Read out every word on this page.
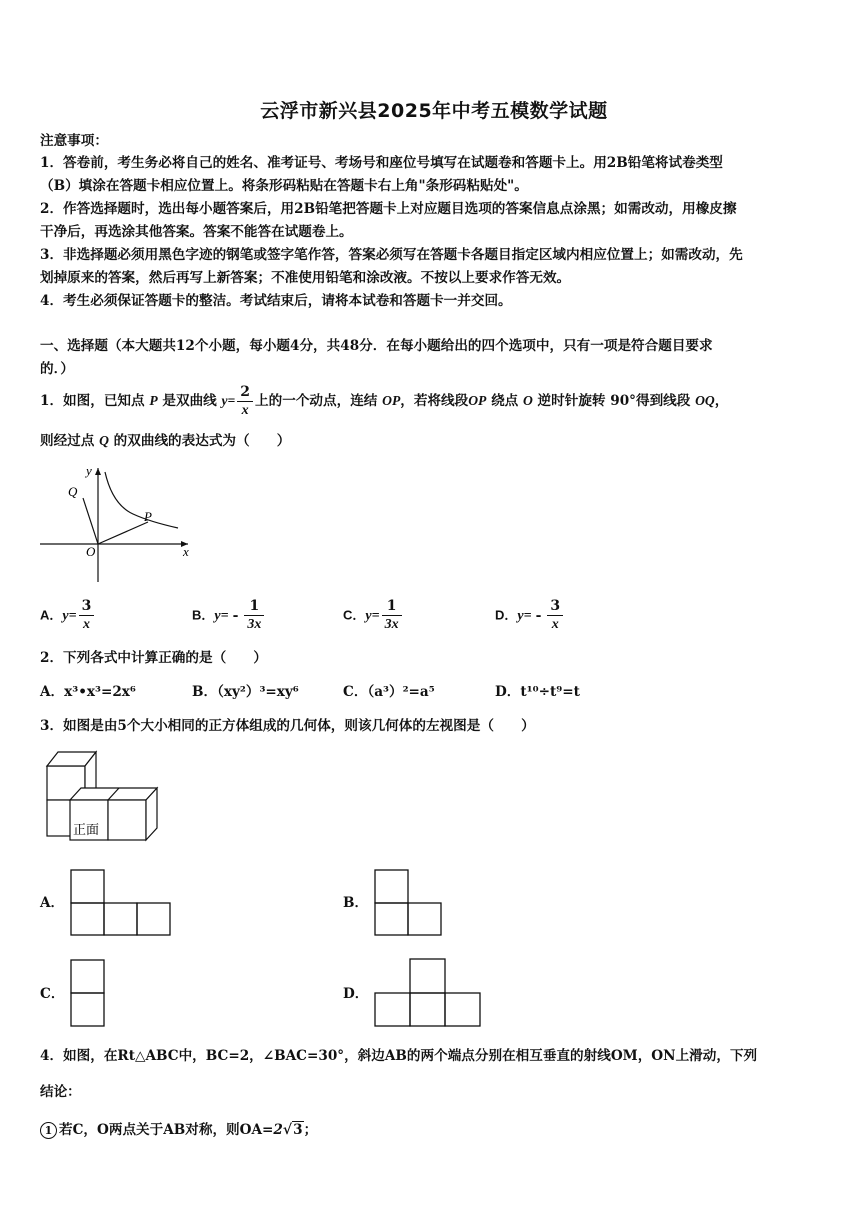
云浮市新兴县2025年中考五模数学试题
注意事项：
1．答卷前，考生务必将自己的姓名、准考证号、考场号和座位号填写在试题卷和答题卡上。用2B铅笔将试卷类型
（B）填涂在答题卡相应位置上。将条形码粘贴在答题卡右上角"条形码粘贴处"。
2．作答选择题时，选出每小题答案后，用2B铅笔把答题卡上对应题目选项的答案信息点涂黑；如需改动，用橡皮擦
干净后，再选涂其他答案。答案不能答在试题卷上。
3．非选择题必须用黑色字迹的钢笔或签字笔作答，答案必须写在答题卡各题目指定区域内相应位置上；如需改动，先
划掉原来的答案，然后再写上新答案；不准使用铅笔和涂改液。不按以上要求作答无效。
4．考生必须保证答题卡的整洁。考试结束后，请将本试卷和答题卡一并交回。
一、选择题（本大题共12个小题，每小题4分，共48分．在每小题给出的四个选项中，只有一项是符合题目要求
的．）
1．如图，已知点 P 是双曲线 $y= \frac{2}{x}$ 上的一个动点，连结 OP，若将线段OP 绕点 O 逆时针旋转 90°得到线段 OQ，
则经过点 Q 的双曲线的表达式为（　　）
y
x
O
P
Q
A．$y= \frac{3}{x}$	B．$y= - \frac{1}{3x}$	C．$y= \frac{1}{3x}$	D．$y= - \frac{3}{x}$
2．下列各式中计算正确的是（　　）
A．x³•x³=2x⁶	B．（xy²）³=xy⁶	C．（a³）²=a⁵	D．t¹⁰÷t⁹=t
3．如图是由5个大小相同的正方体组成的几何体，则该几何体的左视图是（　　）
正面
A．	B．
C．	D．
4．如图，在Rt△ABC中，BC=2，∠BAC=30°，斜边AB的两个端点分别在相互垂直的射线OM，ON上滑动，下列
结论：
1 若C，O两点关于AB对称，则OA=2√3；
